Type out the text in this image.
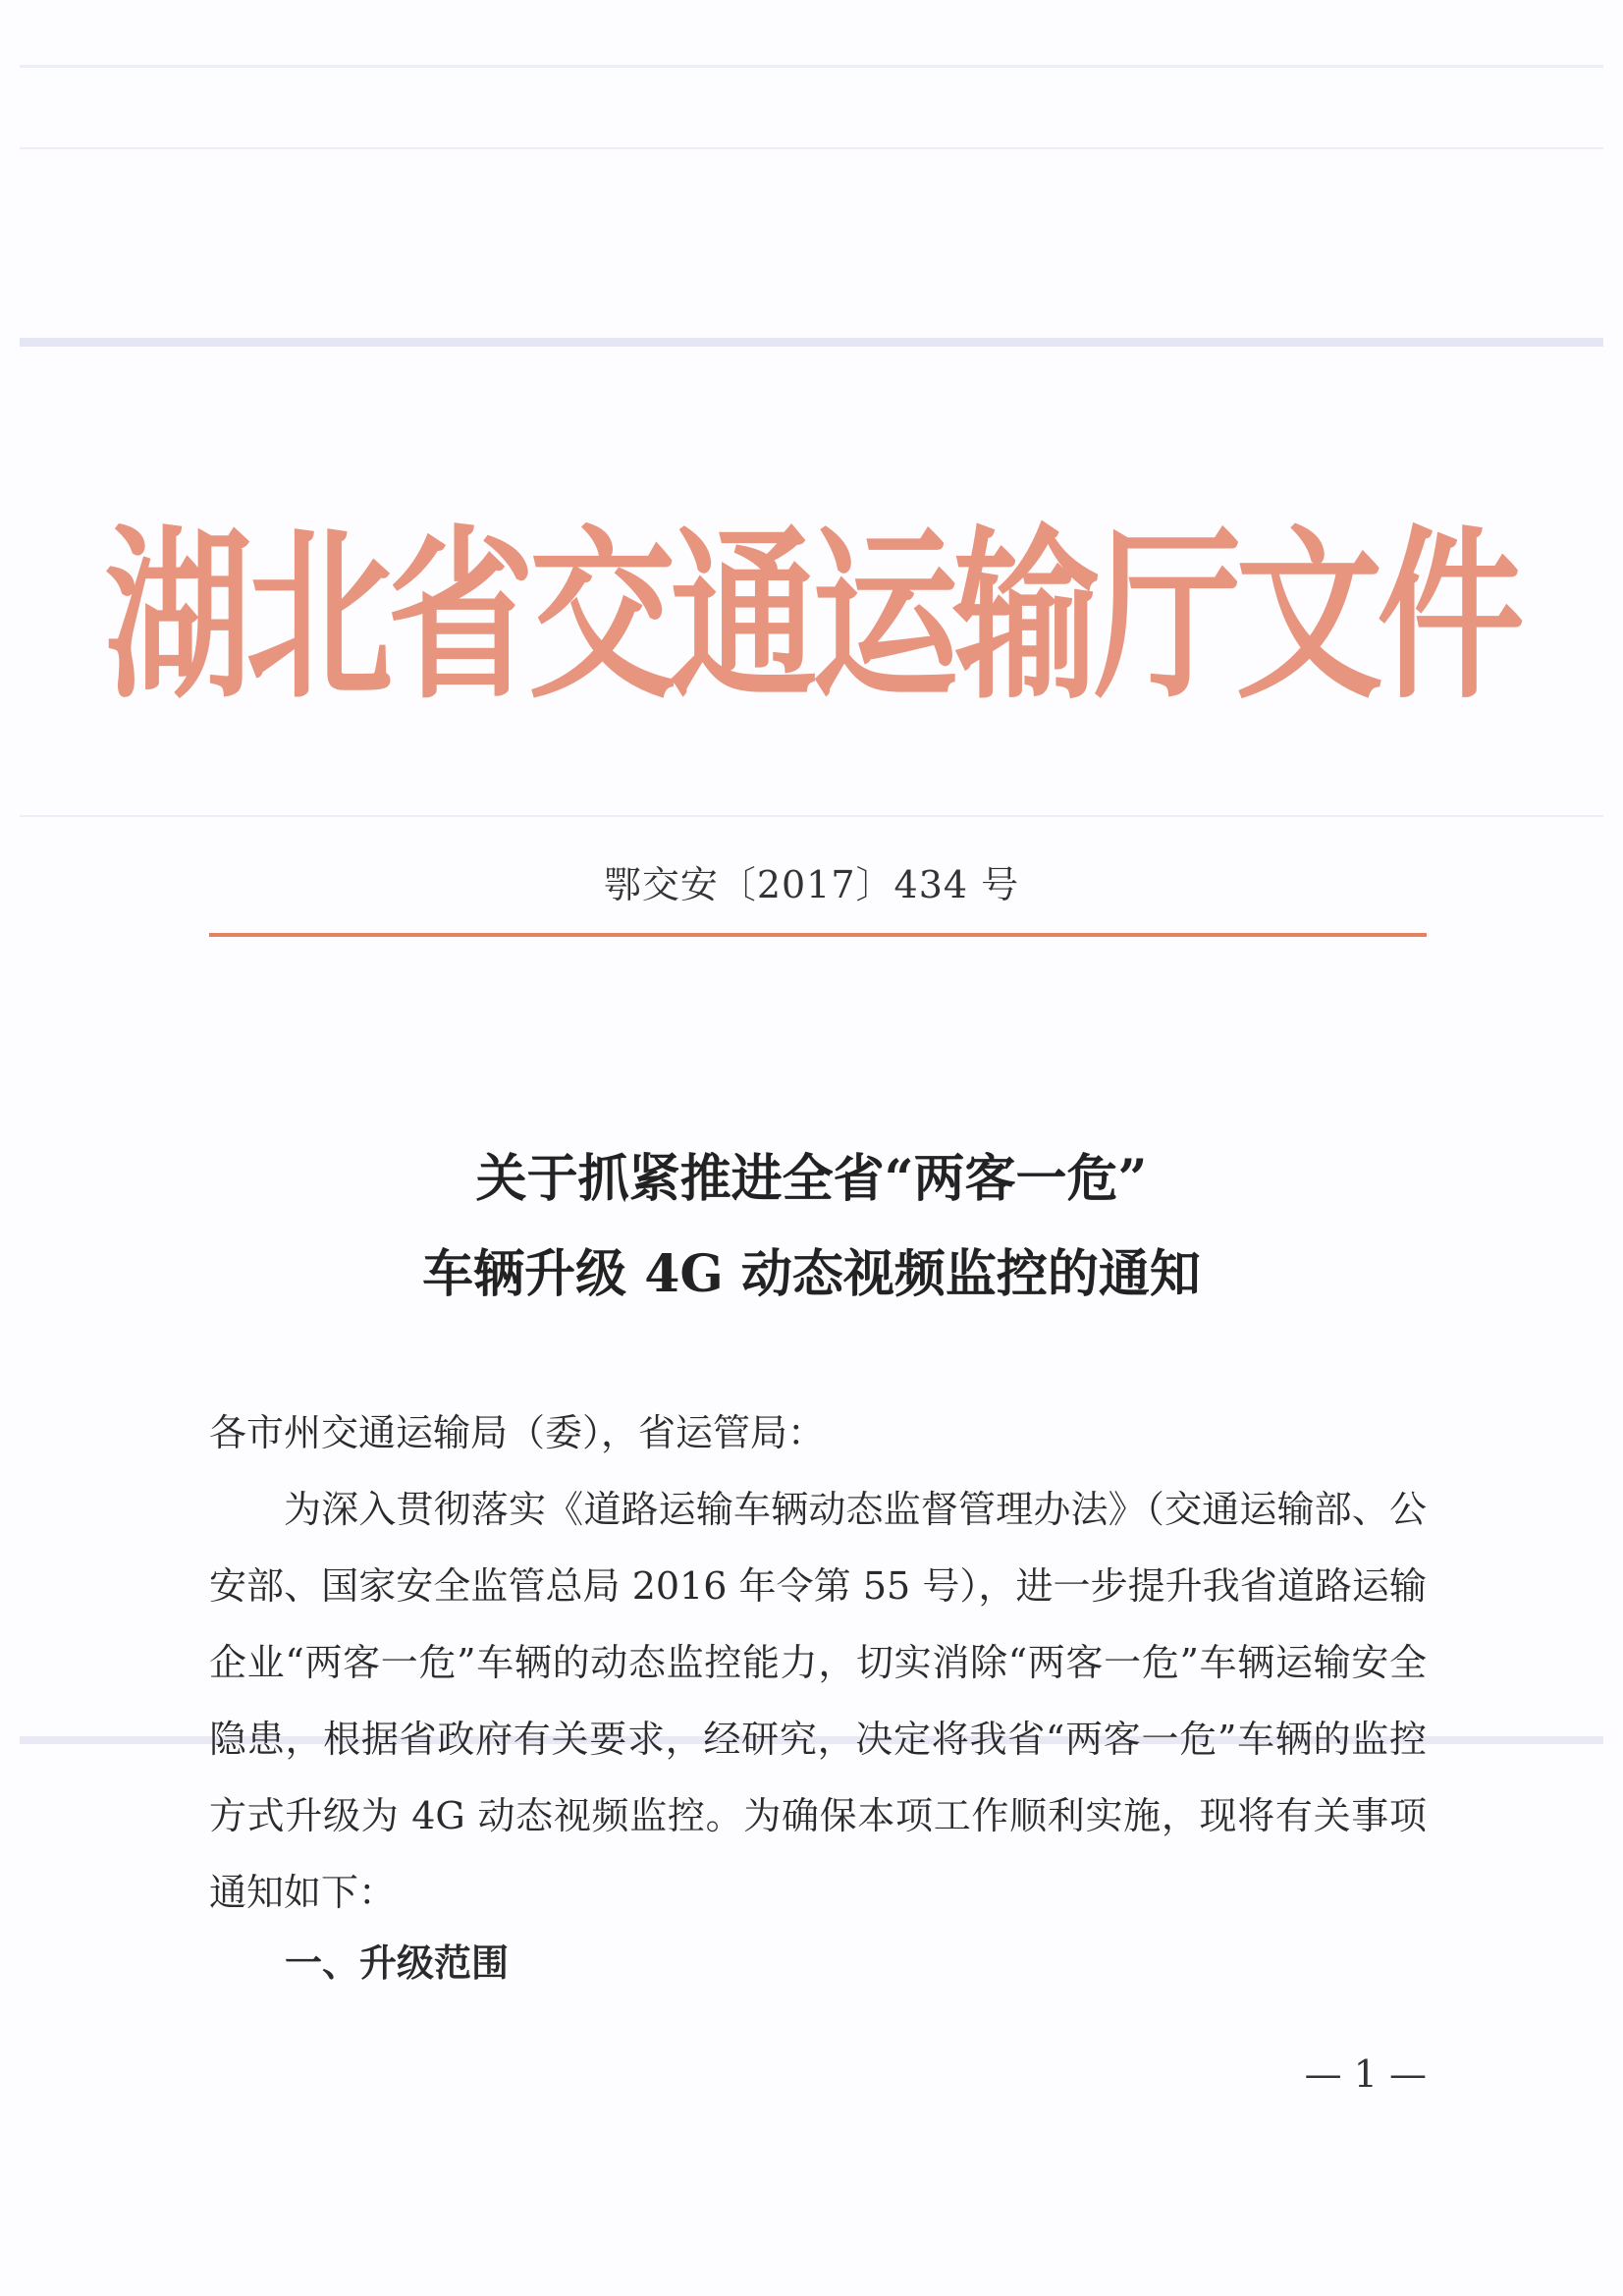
湖北省交通运输厅文件
鄂交安〔2017〕434 号
关于抓紧推进全省“两客一危”
车辆升级 4G 动态视频监控的通知
各市州交通运输局（委），省运管局：
为深入贯彻落实《道路运输车辆动态监督管理办法》（交通运输部、公安部、国家安全监管总局 2016 年令第 55 号），进一步提升我省道路运输企业“两客一危”车辆的动态监控能力，切实消除“两客一危”车辆运输安全隐患，根据省政府有关要求，经研究，决定将我省“两客一危”车辆的监控方式升级为 4G 动态视频监控。为确保本项工作顺利实施，现将有关事项通知如下：
一、升级范围
— 1 —
